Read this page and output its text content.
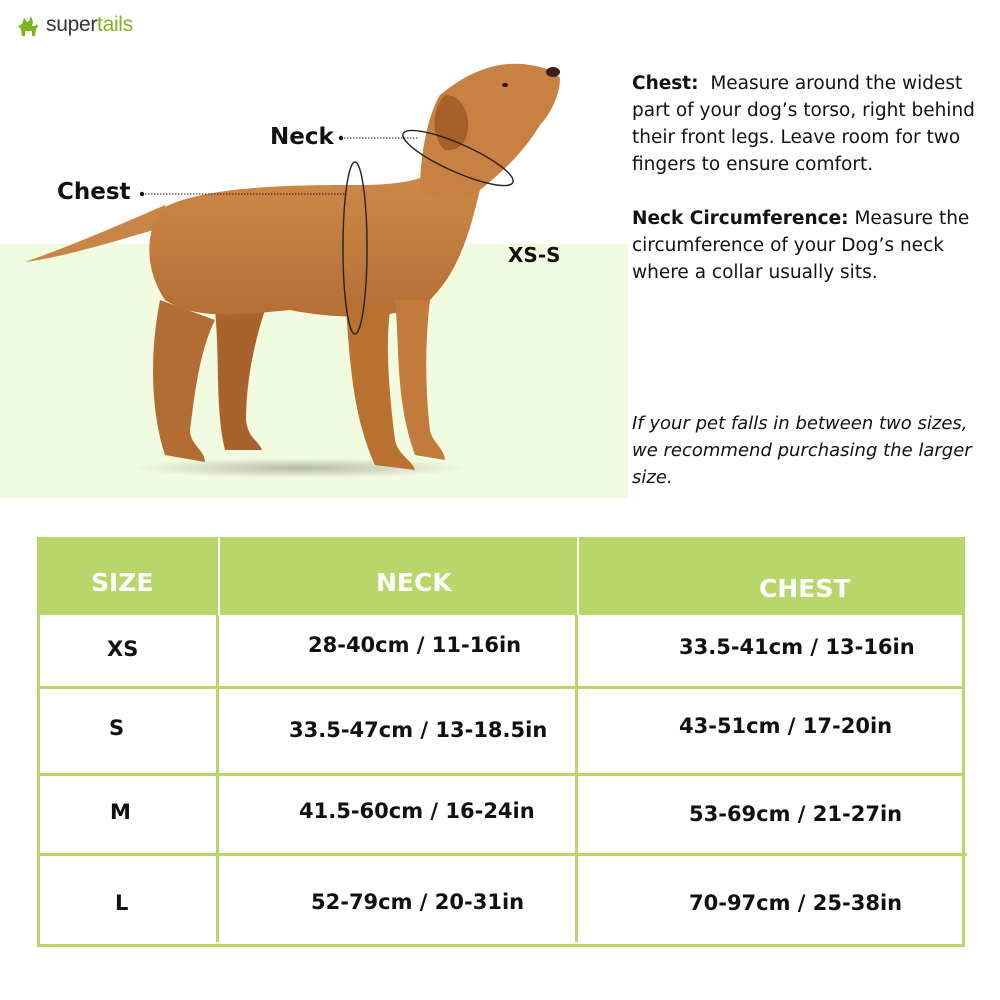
supertails
Neck
Chest
XS-S
Chest: Measure around the widest part of your dog’s torso, right behind their front legs. Leave room for two fingers to ensure comfort.
Neck Circumference: Measure the circumference of your Dog’s neck where a collar usually sits.
If your pet falls in between two sizes, we recommend purchasing the larger size.
SIZE	NECK	CHEST
XS	28-40cm / 11-16in	33.5-41cm / 13-16in
S	33.5-47cm / 13-18.5in	43-51cm / 17-20in
M	41.5-60cm / 16-24in	53-69cm / 21-27in
L	52-79cm / 20-31in	70-97cm / 25-38in
